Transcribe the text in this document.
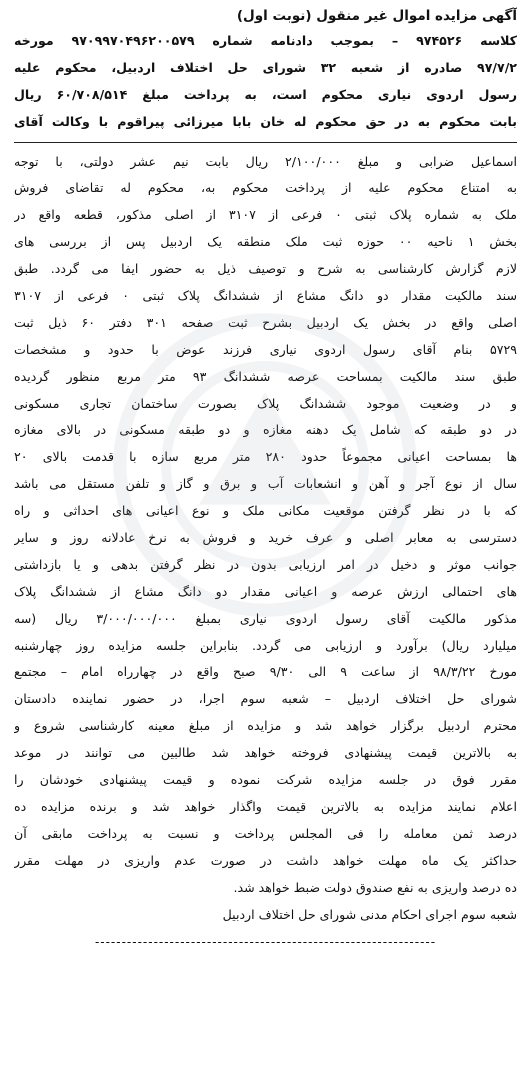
آگهی مزایده اموال غیر منقول (نوبت اول)
کلاسه ۹۷۴۵۲۶ – بموجب دادنامه شماره ۹۷۰۹۹۷۰۴۹۶۲۰۰۵۷۹ مورخه
۹۷/۷/۲ صادره از شعبه ۳۲ شورای حل اختلاف اردبیل، محکوم علیه
رسول اردوی نیاری محکوم است، به پرداخت مبلغ ۶۰/۷۰۸/۵۱۴ ریال
بابت محکوم به در حق محکوم له خان بابا میرزائی پیراقوم با وکالت آقای
اسماعیل ضرابی و مبلغ ۲/۱۰۰/۰۰۰ ریال بابت نیم عشر دولتی، با توجه
به امتناع محکوم علیه از پرداخت محکوم به، محکوم له تقاضای فروش
ملک به شماره پلاک ثبتی ۰ فرعی از ۳۱۰۷ از اصلی مذکور، قطعه واقع در
بخش ۱ ناحیه ۰۰ حوزه ثبت ملک منطقه یک اردبیل پس از بررسی های
لازم گزارش کارشناسی به شرح و توصیف ذیل به حضور ایفا می گردد. طبق
سند مالکیت مقدار دو دانگ مشاع از ششدانگ پلاک ثبتی ۰ فرعی از ۳۱۰۷
اصلی واقع در بخش یک اردبیل بشرح ثبت صفحه ۳۰۱ دفتر ۶۰ ذیل ثبت
۵۷۲۹ بنام آقای رسول اردوی نیاری فرزند عوض با حدود و مشخصات
طبق سند مالکیت بمساحت عرصه ششدانگ ۹۳ متر مربع منظور گردیده
و در وضعیت موجود ششدانگ پلاک بصورت ساختمان تجاری مسکونی
در دو طبقه که شامل یک دهنه مغازه و دو طبقه مسکونی در بالای مغازه
ها بمساحت اعیانی مجموعاً حدود ۲۸۰ متر مربع سازه با قدمت بالای ۲۰
سال از نوع آجر و آهن و انشعابات آب و برق و گاز و تلفن مستقل می باشد
که با در نظر گرفتن موقعیت مکانی ملک و نوع اعیانی های احداثی و راه
دسترسی به معابر اصلی و عرف خرید و فروش به نرخ عادلانه روز و سایر
جوانب موثر و دخیل در امر ارزیابی بدون در نظر گرفتن بدهی و یا بازداشتی
های احتمالی ارزش عرصه و اعیانی مقدار دو دانگ مشاع از ششدانگ پلاک
مذکور مالکیت آقای رسول اردوی نیاری بمبلغ ۳/۰۰۰/۰۰۰/۰۰۰ ریال (سه
میلیارد ریال) برآورد و ارزیابی می گردد. بنابراین جلسه مزایده روز چهارشنبه
مورخ ۹۸/۳/۲۲ از ساعت ۹ الی ۹/۳۰ صبح واقع در چهارراه امام – مجتمع
شورای حل اختلاف اردبیل – شعبه سوم اجرا، در حضور نماینده دادستان
محترم اردبیل برگزار خواهد شد و مزایده از مبلغ معینه کارشناسی شروع و
به بالاترین قیمت پیشنهادی فروخته خواهد شد طالبین می توانند در موعد
مقرر فوق در جلسه مزایده شرکت نموده و قیمت پیشنهادی خودشان را
اعلام نمایند مزایده به بالاترین قیمت واگذار خواهد شد و برنده مزایده ده
درصد ثمن معامله را فی المجلس پرداخت و نسبت به پرداخت مابقی آن
حداکثر یک ماه مهلت خواهد داشت در صورت عدم واریزی در مهلت مقرر
ده درصد واریزی به نفع صندوق دولت ضبط خواهد شد.
شعبه سوم اجرای احکام مدنی شورای حل اختلاف اردبیل
----------------------------------------------------------------
